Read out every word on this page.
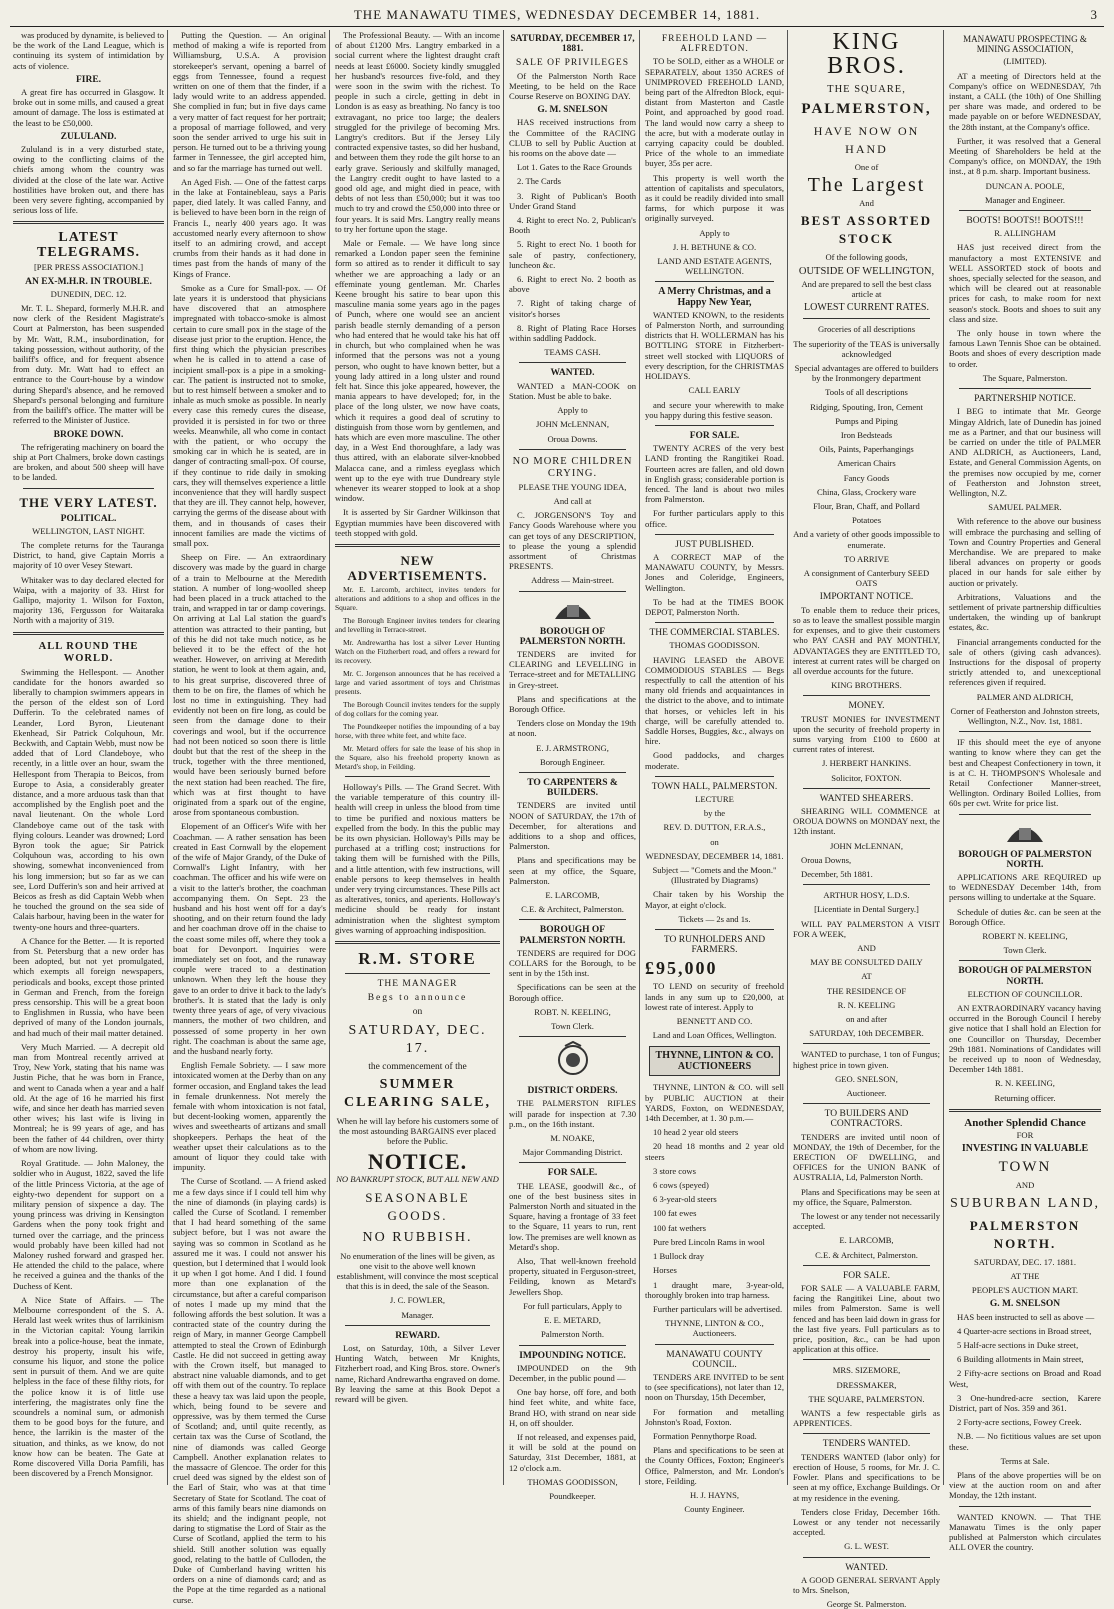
THE MANAWATU TIMES, WEDNESDAY DECEMBER 14, 1881.	3

was produced by dynamite, is believed to be the work of the Land League, which is continuing its system of intimidation by acts of violence.

FIRE.

A great fire has occurred in Glasgow. It broke out in some mills, and caused a great amount of damage. The loss is estimated at the least to be £50,000.

ZULULAND.

Zululand is in a very disturbed state, owing to the conflicting claims of the chiefs among whom the country was divided at the close of the late war. Active hostilities have broken out, and there has been very severe fighting, accompanied by serious loss of life.

LATEST TELEGRAMS.

[PER PRESS ASSOCIATION.]

AN EX-M.H.R. IN TROUBLE.

DUNEDIN, DEC. 12.

Mr. T. L. Shepard, formerly M.H.R. and now clerk of the Resident Magistrate's Court at Palmerston, has been suspended by Mr. Watt, R.M., insubordination, for taking possession, without authority, of the bailiff's office, and for frequent absence from duty. Mr. Watt had to effect an entrance to the Court-house by a window during Shepard's absence, and he removed Shepard's personal belonging and furniture from the bailiff's office. The matter will be referred to the Minister of Justice.

BROKE DOWN.

The refrigerating machinery on board the ship at Port Chalmers, broke down castings are broken, and about 500 sheep will have to be landed.

THE VERY LATEST.
POLITICAL.

WELLINGTON, LAST NIGHT.

The complete returns for the Tauranga District, to hand, give Captain Morris a majority of 10 over Vesey Stewart.

Whitaker was to day declared elected for Waipa, with a majority of 33. Hirst for Gallipo, majority 1. Wilson for Foxton, majority 136, Fergusson for Waitaraka North with a majority of 319.

ALL ROUND THE WORLD.

Swimming the Hellespont. — Another candidate for the honors awarded so liberally to champion swimmers appears in the person of the eldest son of Lord Dufferin. To the celebrated names of Leander, Lord Byron, Lieutenant Ekenhead, Sir Patrick Colquhoun, Mr. Beckwith, and Captain Webb, must now be added that of Lord Clandeboye, who recently, in a little over an hour, swam the Hellespont from Therapia to Beicos, from Europe to Asia, a considerably greater distance, and a more arduous task than that accomplished by the English poet and the naval lieutenant. On the whole Lord Clandeboye came out of the task with flying colours. Leander was drowned; Lord Byron took the ague; Sir Patrick Colquhoun was, according to his own showing, somewhat inconvenienced from his long immersion; but so far as we can see, Lord Dufferin's son and heir arrived at Beicos as fresh as did Captain Webb when he touched the ground on the sea side of Calais harbour, having been in the water for twenty-one hours and three-quarters.

A Chance for the Better. — It is reported from St. Petersburg that a new order has been adopted, but not yet promulgated, which exempts all foreign newspapers, periodicals and books, except those printed in German and French, from the foreign press censorship. This will be a great boon to Englishmen in Russia, who have been deprived of many of the London journals, and had much of their mail matter detained.

Very Much Married. — A decrepit old man from Montreal recently arrived at Troy, New York, stating that his name was Justin Piche, that he was born in France, and went to Canada when a year and a half old. At the age of 16 he married his first wife, and since her death has married seven other wives; his last wife is living in Montreal; he is 99 years of age, and has been the father of 44 children, over thirty of whom are now living.

Royal Gratitude. — John Maloney, the soldier who in August, 1822, saved the life of the little Princess Victoria, at the age of eighty-two dependent for support on a military pension of sixpence a day. The young princess was driving in Kensington Gardens when the pony took fright and turned over the carriage, and the princess would probably have been killed had not Maloney rushed forward and grasped her. He attended the child to the palace, where he received a guinea and the thanks of the Duchess of Kent.

A Nice State of Affairs. — The Melbourne correspondent of the S. A. Herald last week writes thus of larrikinism in the Victorian capital: Young larrikin break into a police-house, beat the inmate, destroy his property, insult his wife, consume his liquor, and stone the police sent in pursuit of them. And we are quite helpless in the face of these filthy riots, for the police know it is of little use interfering, the magistrates only fine the scoundrels a nominal sum, or admonish them to be good boys for the future, and hence, the larrikin is the master of the situation, and thinks, as we know, do not know how can be beaten. The Gate at Rome discovered Villa Doria Pamfili, has been discovered by a French Monsignor.

Putting the Question. — An original method of making a wife is reported from Williamsburg, U.S.A. A provision storekeeper's servant, opening a barrel of eggs from Tennessee, found a request written on one of them that the finder, if a lady would write to an address appended. She complied in fun; but in five days came a very matter of fact request for her portrait; a proposal of marriage followed, and very soon the sender arrived to urge his suit in person. He turned out to be a thriving young farmer in Tennessee, the girl accepted him, and so far the marriage has turned out well.

An Aged Fish. — One of the fattest carps in the lake at Fontainebleau, says a Paris paper, died lately. It was called Fanny, and is believed to have been born in the reign of Francis I., nearly 400 years ago. It was accustomed nearly every afternoon to show itself to an admiring crowd, and accept crumbs from their hands as it had done in times past from the hands of many of the Kings of France.

Smoke as a Cure for Small-pox. — Of late years it is understood that physicians have discovered that an atmosphere impregnated with tobacco-smoke is almost certain to cure small pox in the stage of the disease just prior to the eruption. Hence, the first thing which the physician prescribes when he is called in to attend a case of incipient small-pox is a pipe in a smoking-car. The patient is instructed not to smoke, but to rest himself between a smoker and to inhale as much smoke as possible. In nearly every case this remedy cures the disease, provided it is persisted in for two or three weeks. Meanwhile, all who come in contact with the patient, or who occupy the smoking car in which he is seated, are in danger of contracting small-pox. Of course, if they continue to ride daily in smoking cars, they will themselves experience a little inconvenience that they will hardly suspect that they are ill. They cannot help, however, carrying the germs of the disease about with them, and in thousands of cases their innocent families are made the victims of small pox.

Sheep on Fire. — An extraordinary discovery was made by the guard in charge of a train to Melbourne at the Meredith station. A number of long-woolled sheep had been placed in a truck attached to the train, and wrapped in tar or damp coverings. On arriving at Lal Lal station the guard's attention was attracted to their panting, but of this he did not take much notice, as he believed it to be the effect of the hot weather. However, on arriving at Meredith station, he went to look at them again, and, to his great surprise, discovered three of them to be on fire, the flames of which he lost no time in extinguishing. They had evidently not been on fire long, as could be seen from the damage done to their coverings and wool, but if the occurrence had not been noticed so soon there is little doubt but that the rest of the sheep in the truck, together with the three mentioned, would have been seriously burned before the next station had been reached. The fire, which was at first thought to have originated from a spark out of the engine, arose from spontaneous combustion.

Elopement of an Officer's Wife with her Coachman. — A rather sensation has been created in East Cornwall by the elopement of the wife of Major Grandy, of the Duke of Cornwall's Light Infantry, with her coachman. The officer and his wife were on a visit to the latter's brother, the coachman accompanying them. On Sept. 23 the husband and his host went off for a day's shooting, and on their return found the lady and her coachman drove off in the chaise to the coast some miles off, where they took a boat for Devonport. Inquiries were immediately set on foot, and the runaway couple were traced to a destination unknown. When they left the house they gave to an order to drive it back to the lady's brother's. It is stated that the lady is only twenty three years of age, of very vivacious manners, the mother of two children, and possessed of some property in her own right. The coachman is about the same age, and the husband nearly forty.

English Female Sobriety. — I saw more intoxicated women at the Derby than on any former occasion, and England takes the lead in female drunkenness. Not merely the female with whom intoxication is not fatal, but decent-looking women, apparently the wives and sweethearts of artizans and small shopkeepers. Perhaps the heat of the weather upset their calculations as to the amount of liquor they could take with impunity.

The Curse of Scotland. — A friend asked me a few days since if I could tell him why the nine of diamonds (in playing cards) is called the Curse of Scotland. I remember that I had heard something of the same subject before, but I was not aware the saying was so common in Scotland as he assured me it was. I could not answer his question, but I determined that I would look it up when I got home. And I did. I found more than one explanation of the circumstance, but after a careful comparison of notes I made up my mind that the following affords the best solution. It was a contracted state of the country during the reign of Mary, in manner George Campbell attempted to steal the Crown of Edinburgh Castle. He did not succeed in getting away with the Crown itself, but managed to abstract nine valuable diamonds, and to get off with them out of the country. To replace these a heavy tax was laid upon the people, which, being found to be severe and oppressive, was by them termed the Curse of Scotland; and, until quite recently, as certain tax was the Curse of Scotland, the nine of diamonds was called George Campbell. Another explanation relates to the massacre of Glencoe. The order for this cruel deed was signed by the eldest son of the Earl of Stair, who was at that time Secretary of State for Scotland. The coat of arms of this family bears nine diamonds on its shield; and the indignant people, not daring to stigmatise the Lord of Stair as the Curse of Scotland, applied the term to his shield. Still another solution was equally good, relating to the battle of Culloden, the Duke of Cumberland having written his orders on a nine of diamonds card; and as the Pope at the time regarded as a national curse.

The Professional Beauty. — With an income of about £1200 Mrs. Langtry embarked in a social current where the lightest draught craft needs at least £6000. Society kindly smuggled her husband's resources five-fold, and they were soon in the swim with the richest. To people in such a circle, getting in debt in London is as easy as breathing. No fancy is too extravagant, no price too large; the dealers struggled for the privilege of becoming Mrs. Langtry's creditors. But if the Jersey Lily contracted expensive tastes, so did her husband, and between them they rode the gilt horse to an early grave. Seriously and skilfully managed, the Langtry credit ought to have lasted to a good old age, and might died in peace, with debts of not less than £50,000; but it was too much to try and crowd the £50,000 into three or four years. It is said Mrs. Langtry really means to try her fortune upon the stage.

Male or Female. — We have long since remarked a London paper seen the feminine form so attired as to render it difficult to say whether we are approaching a lady or an effeminate young gentleman. Mr. Charles Keene brought his satire to bear upon this masculine mania some years ago in the pages of Punch, where one would see an ancient parish beadle sternly demanding of a person who had entered that he would take his hat off in church, but who complained when he was informed that the persons was not a young person, who ought to have known better, but a young lady attired in a long ulster and round felt hat. Since this joke appeared, however, the mania appears to have developed; for, in the place of the long ulster, we now have coats, which it requires a good deal of scrutiny to distinguish from those worn by gentlemen, and hats which are even more masculine. The other day, in a West End thoroughfare, a lady was thus attired, with an elaborate silver-knobbed Malacca cane, and a rimless eyeglass which went up to the eye with true Dundreary style whenever its wearer stopped to look at a shop window.

It is asserted by Sir Gardner Wilkinson that Egyptian mummies have been discovered with teeth stopped with gold.

NEW ADVERTISEMENTS.

Mr. E. Larcomb, architect, invites tenders for alterations and additions to a shop and offices in the Square.

The Borough Engineer invites tenders for clearing and levelling in Terrace-street.

Mr. Andrewartha has lost a silver Lever Hunting Watch on the Fitzherbert road, and offers a reward for its recovery.

Mr. C. Jorgenson announces that he has received a large and varied assortment of toys and Christmas presents.

The Borough Council invites tenders for the supply of dog collars for the coming year.

The Poundkeeper notifies the impounding of a bay horse, with three white feet, and white face.

Mr. Metard offers for sale the lease of his shop in the Square, also his freehold property known as Metard's shop, in Feilding.

Holloway's Pills. — The Grand Secret. With the variable temperature of this country ill-health will creep in unless the blood from time to time be purified and noxious matters be expelled from the body. In this the public may be its own physician. Holloway's Pills may be purchased at a trifling cost; instructions for taking them will be furnished with the Pills, and a little attention, with few instructions, will enable persons to keep themselves in health under very trying circumstances. These Pills act as alteratives, tonics, and aperients. Holloway's medicine should be ready for instant administration when the slightest symptom gives warning of approaching indisposition.

R.M. STORE
THE MANAGER
Begs to announce
on
SATURDAY, DEC. 17.
the commencement of the
SUMMER CLEARING SALE,

When he will lay before his customers some of the most astounding BARGAINS ever placed before the Public.

NOTICE.

NO BANKRUPT STOCK, BUT ALL NEW AND

SEASONABLE GOODS.
NO RUBBISH.

No enumeration of the lines will be given, as one visit to the above well known establishment, will convince the most sceptical that this is in deed, the sale of the Season.

J. C. FOWLER,

Manager.

REWARD.

Lost, on Saturday, 10th, a Silver Lever Hunting Watch, between Mr Knights, Fitzherbert road, and King Bros. store. Owner's name, Richard Andrewartha engraved on dome. By leaving the same at this Book Depot a reward will be given.

SATURDAY, DECEMBER 17, 1881.
SALE OF PRIVILEGES

Of the Palmerston North Race Meeting, to be held on the Race Course Reserve on BOXING DAY.

G. M. SNELSON

HAS received instructions from the Committee of the RACING CLUB to sell by Public Auction at his rooms on the above date —

Lot 1. Gates to the Race Grounds

2. The Cards

3. Right of Publican's Booth Under Grand Stand

4. Right to erect No. 2, Publican's Booth

5. Right to erect No. 1 booth for sale of pastry, confectionery, luncheon &c.

6. Right to erect No. 2 booth as above

7. Right of taking charge of visitor's horses

8. Right of Plating Race Horses within saddling Paddock.

TEAMS CASH.

WANTED.

WANTED a MAN-COOK on Station. Must be able to bake.

Apply to

JOHN McLENNAN,

Oroua Downs.

NO MORE CHILDREN CRYING.

PLEASE THE YOUNG IDEA,

And call at

C. JORGENSON'S Toy and Fancy Goods Warehouse where you can get toys of any DESCRIPTION, to please the young a splendid assortment of Christmas PRESENTS.

Address — Main-street.

BOROUGH OF PALMERSTON NORTH.

TENDERS are invited for CLEARING and LEVELLING in Terrace-street and for METALLING in Grey-street.

Plans and specifications at the Borough Office.

Tenders close on Monday the 19th at noon.

E. J. ARMSTRONG,

Borough Engineer.

TO CARPENTERS & BUILDERS.

TENDERS are invited until NOON of SATURDAY, the 17th of December, for alterations and additions to a shop and offices, Palmerston.

Plans and specifications may be seen at my office, the Square, Palmerston.

E. LARCOMB,

C.E. & Architect, Palmerston.

BOROUGH OF PALMERSTON NORTH.

TENDERS are required for DOG COLLARS for the Borough, to be sent in by the 15th inst.

Specifications can be seen at the Borough office.

ROBT. N. KEELING,

Town Clerk.

DISTRICT ORDERS.

THE PALMERSTON RIFLES will parade for inspection at 7.30 p.m., on the 16th instant.

M. NOAKE,

Major Commanding District.

FOR SALE.

THE LEASE, goodwill &c., of one of the best business sites in Palmerston North and situated in the Square, having a frontage of 33 feet to the Square, 11 years to run, rent low. The premises are well known as Metard's shop.

Also, That well-known freehold property, situated in Ferguson-street, Feilding, known as Metard's Jewellers Shop.

For full particulars, Apply to

E. E. METARD,

Palmerston North.

IMPOUNDING NOTICE.

IMPOUNDED on the 9th December, in the public pound —

One bay horse, off fore, and both hind feet white, and white face, Brand HO, with strand on near side H, on off shoulder.

If not released, and expenses paid, it will be sold at the pound on Saturday, 31st December, 1881, at 12 o'clock a.m.

THOMAS GOODISSON,

Poundkeeper.

FREEHOLD LAND — ALFREDTON.

TO be SOLD, either as a WHOLE or SEPARATELY, about 1350 ACRES of UNIMPROVED FREEHOLD LAND, being part of the Alfredton Block, equi-distant from Masterton and Castle Point, and approached by good road. The land would now carry a sheep to the acre, but with a moderate outlay in carrying capacity could be doubled. Price of the whole to an immediate buyer, 35s per acre.

This property is well worth the attention of capitalists and speculators, as it could be readily divided into small farms, for which purpose it was originally surveyed.

Apply to

J. H. BETHUNE & CO.

LAND AND ESTATE AGENTS, WELLINGTON.

A Merry Christmas, and a Happy New Year,

WANTED KNOWN, to the residents of Palmerston North, and surrounding districts that H. WOLLERMAN has his BOTTLING STORE in Fitzherbert-street well stocked with LIQUORS of every description, for the CHRISTMAS HOLIDAYS.

CALL EARLY

and secure your wherewith to make you happy during this festive season.

FOR SALE.

TWENTY ACRES of the very best LAND fronting the Rangitikei Road. Fourteen acres are fallen, and old down in English grass; considerable portion is fenced. The land is about two miles from Palmerston.

For further particulars apply to this office.

JUST PUBLISHED.

A CORRECT MAP of the MANAWATU COUNTY, by Messrs. Jones and Coleridge, Engineers, Wellington.

To be had at the TIMES BOOK DEPOT, Palmerston North.

THE COMMERCIAL STABLES.

THOMAS GOODISSON.

HAVING LEASED the ABOVE COMMODIOUS STABLES — Begs respectfully to call the attention of his many old friends and acquaintances in the district to the above, and to intimate that horses, or vehicles left in his charge, will be carefully attended to. Saddle Horses, Buggies, &c., always on hire.

Good paddocks, and charges moderate.

TOWN HALL, PALMERSTON.

LECTURE

by the

REV. D. DUTTON, F.R.A.S.,

on

WEDNESDAY, DECEMBER 14, 1881.

Subject — "Comets and the Moon." (Illustrated by Diagrams)

Chair taken by his Worship the Mayor, at eight o'clock.

Tickets — 2s and 1s.

TO RUNHOLDERS AND FARMERS.
£95,000

TO LEND on security of freehold lands in any sum up to £20,000, at lowest rate of interest. Apply to

BENNETT AND CO.

Land and Loan Offices, Wellington.

THYNNE, LINTON & CO. AUCTIONEERS

THYNNE, LINTON & CO. will sell by PUBLIC AUCTION at their YARDS, Foxton, on WEDNESDAY, 14th December, at 1. 30 p.m.—

10 head 2 year old steers

20 head 18 months and 2 year old steers

3 store cows

6 cows (speyed)

6 3-year-old steers

100 fat ewes

100 fat wethers

Pure bred Lincoln Rams in wool

1 Bullock dray

Horses

1 draught mare, 3-year-old, thoroughly broken into trap harness.

Further particulars will be advertised.

THYNNE, LINTON & CO., Auctioneers.

MANAWATU COUNTY COUNCIL.

TENDERS ARE INVITED to be sent to (see specifications), not later than 12, noon on Thursday, 15th December,

For formation and metalling Johnston's Road, Foxton.

Formation Pennythorpe Road.

Plans and specifications to be seen at the County Offices, Foxton; Engineer's Office, Palmerston, and Mr. London's store, Feilding.

H. J. HAYNS,

County Engineer.

KING BROS.
THE SQUARE,
PALMERSTON,
HAVE NOW ON HAND

One of

The Largest

And

BEST ASSORTED STOCK

Of the following goods,

OUTSIDE OF WELLINGTON,

And are prepared to sell the best class article at

LOWEST CURRENT RATES.

Groceries of all descriptions

The superiority of the TEAS is universally acknowledged

Special advantages are offered to builders by the Ironmongery department

Tools of all descriptions

Ridging, Spouting, Iron, Cement

Pumps and Piping

Iron Bedsteads

Oils, Paints, Paperhangings

American Chairs

Fancy Goods

China, Glass, Crockery ware

Flour, Bran, Chaff, and Pollard

Potatoes

And a variety of other goods impossible to enumerate.

TO ARRIVE

A consignment of Canterbury SEED OATS

IMPORTANT NOTICE.

To enable them to reduce their prices, so as to leave the smallest possible margin for expenses, and to give their customers who PAY CASH and PAY MONTHLY, ADVANTAGES they are ENTITLED TO, interest at current rates will be charged on all overdue accounts for the future.

KING BROTHERS.

MONEY.

TRUST MONIES for INVESTMENT upon the security of freehold property in sums varying from £100 to £600 at current rates of interest.

J. HERBERT HANKINS.

Solicitor, FOXTON.

WANTED SHEARERS.

SHEARING WILL COMMENCE at OROUA DOWNS on MONDAY next, the 12th instant.

JOHN McLENNAN,

Oroua Downs,

December, 5th 1881.

ARTHUR HOSY, L.D.S.

[Licentiate in Dental Surgery.]

WILL PAY PALMERSTON A VISIT FOR A WEEK,

AND

MAY BE CONSULTED DAILY

AT

THE RESIDENCE OF

R. N. KEELING

on and after

SATURDAY, 10th DECEMBER.

WANTED to purchase, 1 ton of Fungus; highest price in town given.

GEO. SNELSON,

Auctioneer.

TO BUILDERS AND CONTRACTORS.

TENDERS are invited until noon of MONDAY, the 19th of December, for the ERECTION OF DWELLING, and OFFICES for the UNION BANK of AUSTRALIA, Ld, Palmerston North.

Plans and Specifications may be seen at my office, the Square, Palmerston.

The lowest or any tender not necessarily accepted.

E. LARCOMB,

C.E. & Architect, Palmerston.

FOR SALE.

FOR SALE — A VALUABLE FARM, facing the Rangitikei Line, about two miles from Palmerston. Same is well fenced and has been laid down in grass for the last five years. Full particulars as to price, position, &c., can be had upon application at this office.

MRS. SIZEMORE,

DRESSMAKER,

THE SQUARE, PALMERSTON.

WANTS a few respectable girls as APPRENTICES.

TENDERS WANTED.

TENDERS WANTED (labor only) for erection of House, 5 rooms, for Mr. J. C. Fowler. Plans and specifications to be seen at my office, Exchange Buildings. Or at my residence in the evening.

Tenders close Friday, December 16th. Lowest or any tender not necessarily accepted.

G. L. WEST.

WANTED.

A GOOD GENERAL SERVANT Apply to Mrs. Snelson,

George St. Palmerston.

MANAWATU PROSPECTING & MINING ASSOCIATION,

(LIMITED).

AT a meeting of Directors held at the Company's office on WEDNESDAY, 7th instant, a CALL (the 10th) of One Shilling per share was made, and ordered to be made payable on or before WEDNESDAY, the 28th instant, at the Company's office.

Further, it was resolved that a General Meeting of Shareholders be held at the Company's office, on MONDAY, the 19th inst., at 8 p.m. sharp. Important business.

DUNCAN A. POOLE,

Manager and Engineer.

BOOTS! BOOTS!! BOOTS!!!

R. ALLINGHAM

HAS just received direct from the manufactory a most EXTENSIVE and WELL ASSORTED stock of boots and shoes, specially selected for the season, and which will be cleared out at reasonable prices for cash, to make room for next season's stock. Boots and shoes to suit any class and size.

The only house in town where the famous Lawn Tennis Shoe can be obtained. Boots and shoes of every description made to order.

The Square, Palmerston.

PARTNERSHIP NOTICE.

I BEG to intimate that Mr. George Mingay Aldrich, late of Dunedin has joined me as a Partner, and that our business will be carried on under the title of PALMER AND ALDRICH, as Auctioneers, Land, Estate, and General Commission Agents, on the premises now occupied by me, corner of Featherston and Johnston street, Wellington, N.Z.

SAMUEL PALMER.

With reference to the above our business will embrace the purchasing and selling of Town and Country Properties and General Merchandise. We are prepared to make liberal advances on property or goods placed in our hands for sale either by auction or privately.

Arbitrations, Valuations and the settlement of private partnership difficulties undertaken, the winding up of bankrupt estates, &c.

Financial arrangements conducted for the sale of others (giving cash advances). Instructions for the disposal of property strictly attended to, and unexceptional references given if required.

PALMER AND ALDRICH,

Corner of Featherston and Johnston streets, Wellington, N.Z., Nov. 1st, 1881.

IF this should meet the eye of anyone wanting to know where they can get the best and Cheapest Confectionery in town, it is at C. H. THOMPSON'S Wholesale and Retail Confectioner Manner-street, Wellington. Ordinary Boiled Lollies, from 60s per cwt. Write for price list.

BOROUGH OF PALMERSTON NORTH.

APPLICATIONS ARE REQUIRED up to WEDNESDAY December 14th, from persons willing to undertake at the Square.

Schedule of duties &c. can be seen at the Borough Office.

ROBERT N. KEELING,

Town Clerk.

BOROUGH OF PALMERSTON NORTH.

ELECTION OF COUNCILLOR.

AN EXTRAORDINARY vacancy having occurred in the Borough Council I hereby give notice that I shall hold an Election for one Councillor on Thursday, December 29th 1881. Nominations of Candidates will be received up to noon of Wednesday, December 14th 1881.

R. N. KEELING,

Returning officer.

Another Splendid Chance

FOR

INVESTING IN VALUABLE
TOWN

AND

SUBURBAN LAND,
PALMERSTON NORTH.

SATURDAY, DEC. 17. 1881.

AT THE

PEOPLE'S AUCTION MART.

G. M. SNELSON

HAS been instructed to sell as above —

4 Quarter-acre sections in Broad street,

5 Half-acre sections in Duke street,

6 Building allotments in Main street,

2 Fifty-acre sections on Broad and Road West,

3 One-hundred-acre section, Karere District, part of Nos. 359 and 361.

2 Forty-acre sections, Fowey Creek.

N.B. — No fictitious values are set upon these.

Terms at Sale.

Plans of the above properties will be on view at the auction room on and after Monday, the 12th instant.

WANTED KNOWN. — That THE Manawatu Times is the only paper published at Palmerston which circulates ALL OVER the country.
